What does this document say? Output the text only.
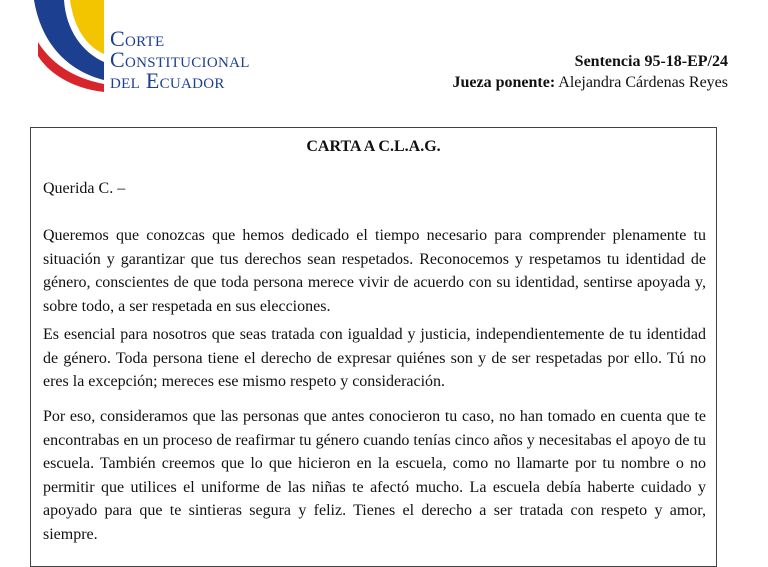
Corte
Constitucional
del Ecuador
Sentencia 95-18-EP/24
Jueza ponente: Alejandra Cárdenas Reyes
CARTA A C.L.A.G.
Querida C. –
Queremos que conozcas que hemos dedicado el tiempo necesario para comprender plenamente tu situación y garantizar que tus derechos sean respetados. Reconocemos y respetamos tu identidad de género, conscientes de que toda persona merece vivir de acuerdo con su identidad, sentirse apoyada y, sobre todo, a ser respetada en sus elecciones.
Es esencial para nosotros que seas tratada con igualdad y justicia, independientemente de tu identidad de género. Toda persona tiene el derecho de expresar quiénes son y de ser respetadas por ello. Tú no eres la excepción; mereces ese mismo respeto y consideración.
Por eso, consideramos que las personas que antes conocieron tu caso, no han tomado en cuenta que te encontrabas en un proceso de reafirmar tu género cuando tenías cinco años y necesitabas el apoyo de tu escuela. También creemos que lo que hicieron en la escuela, como no llamarte por tu nombre o no permitir que utilices el uniforme de las niñas te afectó mucho. La escuela debía haberte cuidado y apoyado para que te sintieras segura y feliz. Tienes el derecho a ser tratada con respeto y amor, siempre.
